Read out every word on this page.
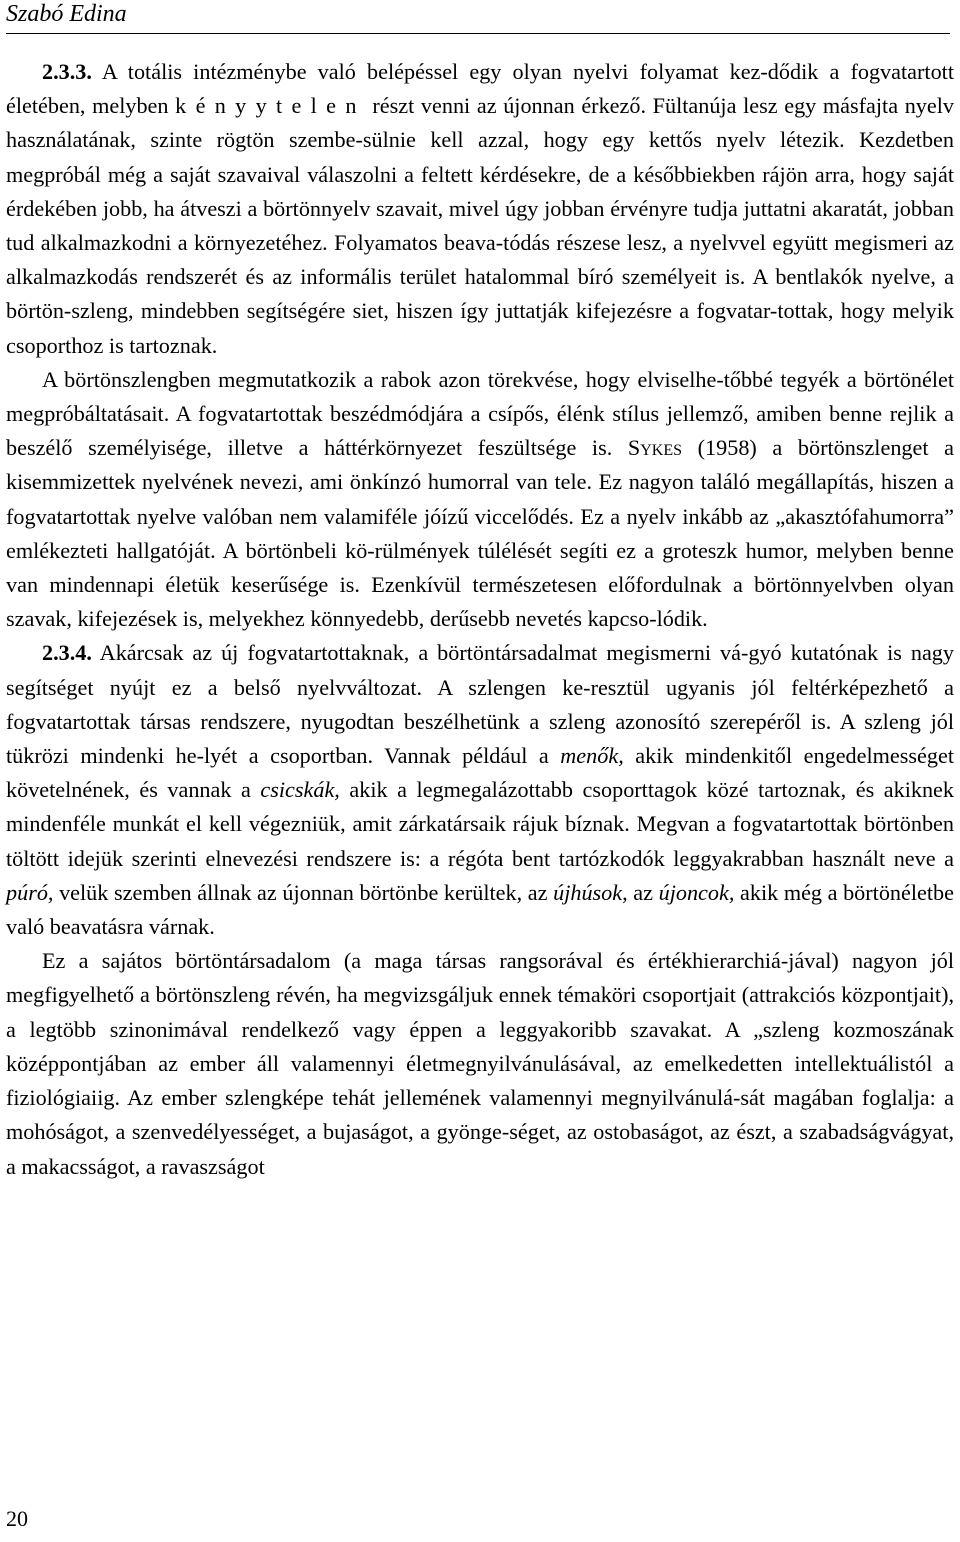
Szabó Edina

2.3.3. A totális intézménybe való belépéssel egy olyan nyelvi folyamat kez-dődik a fogvatartott életében, melyben kényytelen részt venni az újonnan érkező. Fültanúja lesz egy másfajta nyelv használatának, szinte rögtön szembe-sülnie kell azzal, hogy egy kettős nyelv létezik. Kezdetben megpróbál még a saját szavaival válaszolni a feltett kérdésekre, de a későbbiekben rájön arra, hogy saját érdekében jobb, ha átveszi a börtönnyelv szavait, mivel úgy jobban érvényre tudja juttatni akaratát, jobban tud alkalmazkodni a környezetéhez. Folyamatos beava-tódás részese lesz, a nyelvvel együtt megismeri az alkalmazkodás rendszerét és az informális terület hatalommal bíró személyeit is. A bentlakók nyelve, a börtön-szleng, mindebben segítségére siet, hiszen így juttatják kifejezésre a fogvatar-tottak, hogy melyik csoporthoz is tartoznak.

A börtönszlengben megmutatkozik a rabok azon törekvése, hogy elviselhe-tőbbé tegyék a börtönélet megpróbáltatásait. A fogvatartottak beszédmódjára a csípős, élénk stílus jellemző, amiben benne rejlik a beszélő személyisége, illetve a háttérkörnyezet feszültsége is. Sykes (1958) a börtönszlenget a kisemmizettek nyelvének nevezi, ami önkínzó humorral van tele. Ez nagyon találó megállapítás, hiszen a fogvatartottak nyelve valóban nem valamiféle jóízű viccelődés. Ez a nyelv inkább az „akasztófahumorra” emlékezteti hallgatóját. A börtönbeli kö-rülmények túlélését segíti ez a groteszk humor, melyben benne van mindennapi életük keserűsége is. Ezenkívül természetesen előfordulnak a börtönnyelvben olyan szavak, kifejezések is, melyekhez könnyedebb, derűsebb nevetés kapcso-lódik.

2.3.4. Akárcsak az új fogvatartottaknak, a börtöntársadalmat megismerni vá-gyó kutatónak is nagy segítséget nyújt ez a belső nyelvváltozat. A szlengen ke-resztül ugyanis jól feltérképezhető a fogvatartottak társas rendszere, nyugodtan beszélhetünk a szleng azonosító szerepéről is. A szleng jól tükrözi mindenki he-lyét a csoportban. Vannak például a menők, akik mindenkitől engedelmességet követelnének, és vannak a csicskák, akik a legmegalázottabb csoporttagok közé tartoznak, és akiknek mindenféle munkát el kell végezniük, amit zárkatársaik rájuk bíznak. Megvan a fogvatartottak börtönben töltött idejük szerinti elnevezési rendszere is: a régóta bent tartózkodók leggyakrabban használt neve a púró, velük szemben állnak az újonnan börtönbe kerültek, az újhúsok, az újoncok, akik még a börtönéletbe való beavatásra várnak.

Ez a sajátos börtöntársadalom (a maga társas rangsorával és értékhierarchiá-jával) nagyon jól megfigyelhető a börtönszleng révén, ha megvizsgáljuk ennek témaköri csoportjait (attrakciós központjait), a legtöbb szinonimával rendelkező vagy éppen a leggyakoribb szavakat. A „szleng kozmoszának középpontjában az ember áll valamennyi életmegnyilvánulásával, az emelkedetten intellektuálistól a fiziológiaiig. Az ember szlengképe tehát jellemének valamennyi megnyilvánulá-sát magában foglalja: a mohóságot, a szenvedélyességet, a bujaságot, a gyönge-séget, az ostobaságot, az észt, a szabadságvágyat, a makacsságot, a ravaszságot

20
